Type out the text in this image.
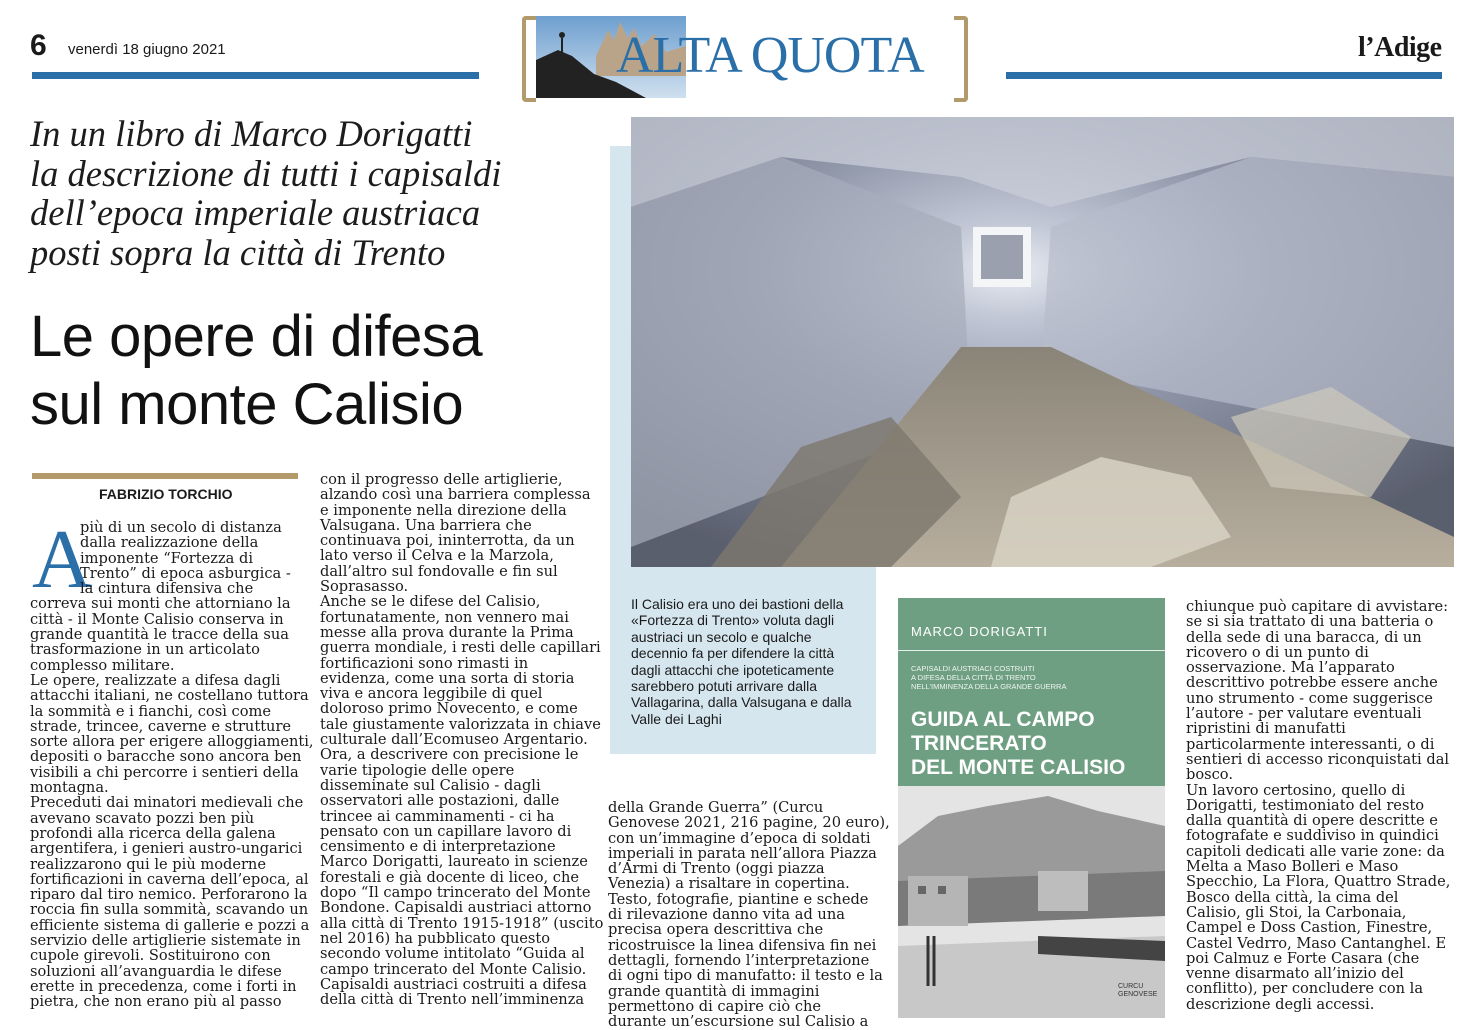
6 venerdì 18 giugno 2021	ALTA QUOTA	l’Adige
In un libro di Marco Dorigatti
la descrizione di tutti i capisaldi
dell’epoca imperiale austriaca
posti sopra la città di Trento
Le opere di difesa
sul monte Calisio
FABRIZIO TORCHIO
Il Calisio era uno dei bastioni della
«Fortezza di Trento» voluta dagli
austriaci un secolo e qualche
decennio fa per difendere la città
dagli attacchi che ipoteticamente
sarebbero potuti arrivare dalla
Vallagarina, dalla Valsugana e dalla
Valle dei Laghi
MARCO DORIGATTI
CAPISALDI AUSTRIACI COSTRUITI
A DIFESA DELLA CITTÀ DI TRENTO
NELL’IMMINENZA DELLA GRANDE GUERRA
GUIDA AL CAMPO
TRINCERATO
DEL MONTE CALISIO
CURCU GENOVESE
A
più di un secolo di distanza
dalla realizzazione della
imponente “Fortezza di
Trento” di epoca asburgica -
la cintura difensiva che
correva sui monti che attorniano la
città - il Monte Calisio conserva in
grande quantità le tracce della sua
trasformazione in un articolato
complesso militare.
Le opere, realizzate a difesa dagli
attacchi italiani, ne costellano tuttora
la sommità e i fianchi, così come
strade, trincee, caverne e strutture
sorte allora per erigere alloggiamenti,
depositi o baracche sono ancora ben
visibili a chi percorre i sentieri della
montagna.
Preceduti dai minatori medievali che
avevano scavato pozzi ben più
profondi alla ricerca della galena
argentifera, i genieri austro-ungarici
realizzarono qui le più moderne
fortificazioni in caverna dell’epoca, al
riparo dal tiro nemico. Perforarono la
roccia fin sulla sommità, scavando un
efficiente sistema di gallerie e pozzi a
servizio delle artiglierie sistemate in
cupole girevoli. Sostituirono con
soluzioni all’avanguardia le difese
erette in precedenza, come i forti in
pietra, che non erano più al passo
con il progresso delle artiglierie,
alzando così una barriera complessa
e imponente nella direzione della
Valsugana. Una barriera che
continuava poi, ininterrotta, da un
lato verso il Celva e la Marzola,
dall’altro sul fondovalle e fin sul
Soprasasso.
Anche se le difese del Calisio,
fortunatamente, non vennero mai
messe alla prova durante la Prima
guerra mondiale, i resti delle capillari
fortificazioni sono rimasti in
evidenza, come una sorta di storia
viva e ancora leggibile di quel
doloroso primo Novecento, e come
tale giustamente valorizzata in chiave
culturale dall’Ecomuseo Argentario.
Ora, a descrivere con precisione le
varie tipologie delle opere
disseminate sul Calisio - dagli
osservatori alle postazioni, dalle
trincee ai camminamenti - ci ha
pensato con un capillare lavoro di
censimento e di interpretazione
Marco Dorigatti, laureato in scienze
forestali e già docente di liceo, che
dopo “Il campo trincerato del Monte
Bondone. Capisaldi austriaci attorno
alla città di Trento 1915-1918” (uscito
nel 2016) ha pubblicato questo
secondo volume intitolato “Guida al
campo trincerato del Monte Calisio.
Capisaldi austriaci costruiti a difesa
della città di Trento nell’imminenza
della Grande Guerra” (Curcu
Genovese 2021, 216 pagine, 20 euro),
con un’immagine d’epoca di soldati
imperiali in parata nell’allora Piazza
d’Armi di Trento (oggi piazza
Venezia) a risaltare in copertina.
Testo, fotografie, piantine e schede
di rilevazione danno vita ad una
precisa opera descrittiva che
ricostruisce la linea difensiva fin nei
dettagli, fornendo l’interpretazione
di ogni tipo di manufatto: il testo e la
grande quantità di immagini
permettono di capire ciò che
durante un’escursione sul Calisio a
chiunque può capitare di avvistare:
se si sia trattato di una batteria o
della sede di una baracca, di un
ricovero o di un punto di
osservazione. Ma l’apparato
descrittivo potrebbe essere anche
uno strumento - come suggerisce
l’autore - per valutare eventuali
ripristini di manufatti
particolarmente interessanti, o di
sentieri di accesso riconquistati dal
bosco.
Un lavoro certosino, quello di
Dorigatti, testimoniato del resto
dalla quantità di opere descritte e
fotografate e suddiviso in quindici
capitoli dedicati alle varie zone: da
Melta a Maso Bolleri e Maso
Specchio, La Flora, Quattro Strade,
Bosco della città, la cima del
Calisio, gli Stoi, la Carbonaia,
Campel e Doss Castion, Finestre,
Castel Vedrro, Maso Cantanghel. E
poi Calmuz e Forte Casara (che
venne disarmato all’inizio del
conflitto), per concludere con la
descrizione degli accessi.
